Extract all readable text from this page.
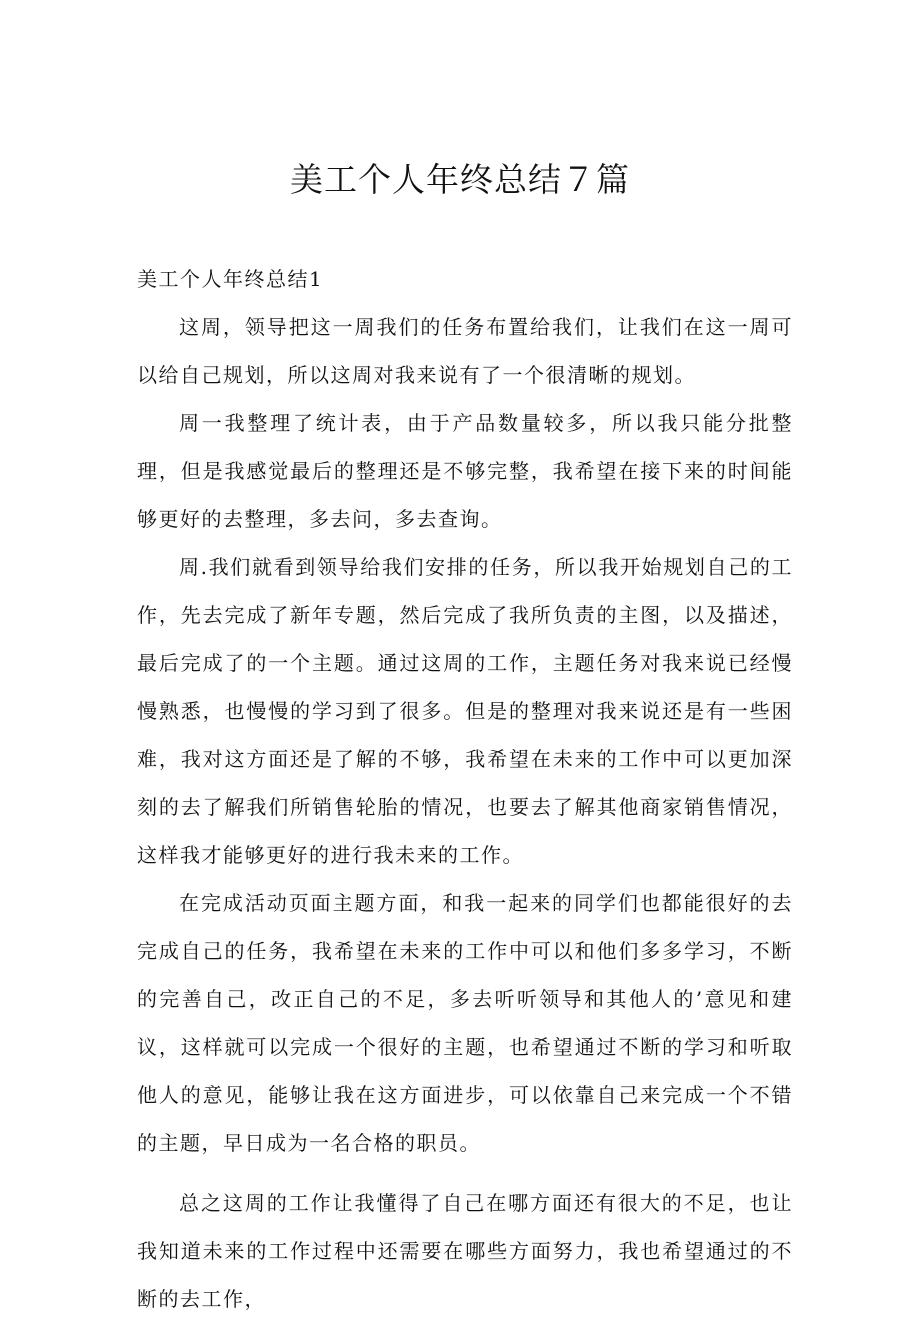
美工个人年终总结７篇
美工个人年终总结1

这周，领导把这一周我们的任务布置给我们，让我们在这一周可以给自己规划，所以这周对我来说有了一个很清晰的规划。

周一我整理了统计表，由于产品数量较多，所以我只能分批整理，但是我感觉最后的整理还是不够完整，我希望在接下来的时间能够更好的去整理，多去问，多去查询。

周.我们就看到领导给我们安排的任务，所以我开始规划自己的工作，先去完成了新年专题，然后完成了我所负责的主图，以及描述，最后完成了的一个主题。通过这周的工作，主题任务对我来说已经慢慢熟悉，也慢慢的学习到了很多。但是的整理对我来说还是有一些困难，我对这方面还是了解的不够，我希望在未来的工作中可以更加深刻的去了解我们所销售轮胎的情况，也要去了解其他商家销售情况，这样我才能够更好的进行我未来的工作。

在完成活动页面主题方面，和我一起来的同学们也都能很好的去完成自己的任务，我希望在未来的工作中可以和他们多多学习，不断的完善自己，改正自己的不足，多去听听领导和其他人的’意见和建议，这样就可以完成一个很好的主题，也希望通过不断的学习和听取他人的意见，能够让我在这方面进步，可以依靠自己来完成一个不错的主题，早日成为一名合格的职员。

总之这周的工作让我懂得了自己在哪方面还有很大的不足，也让我知道未来的工作过程中还需要在哪些方面努力，我也希望通过的不断的去工作，
